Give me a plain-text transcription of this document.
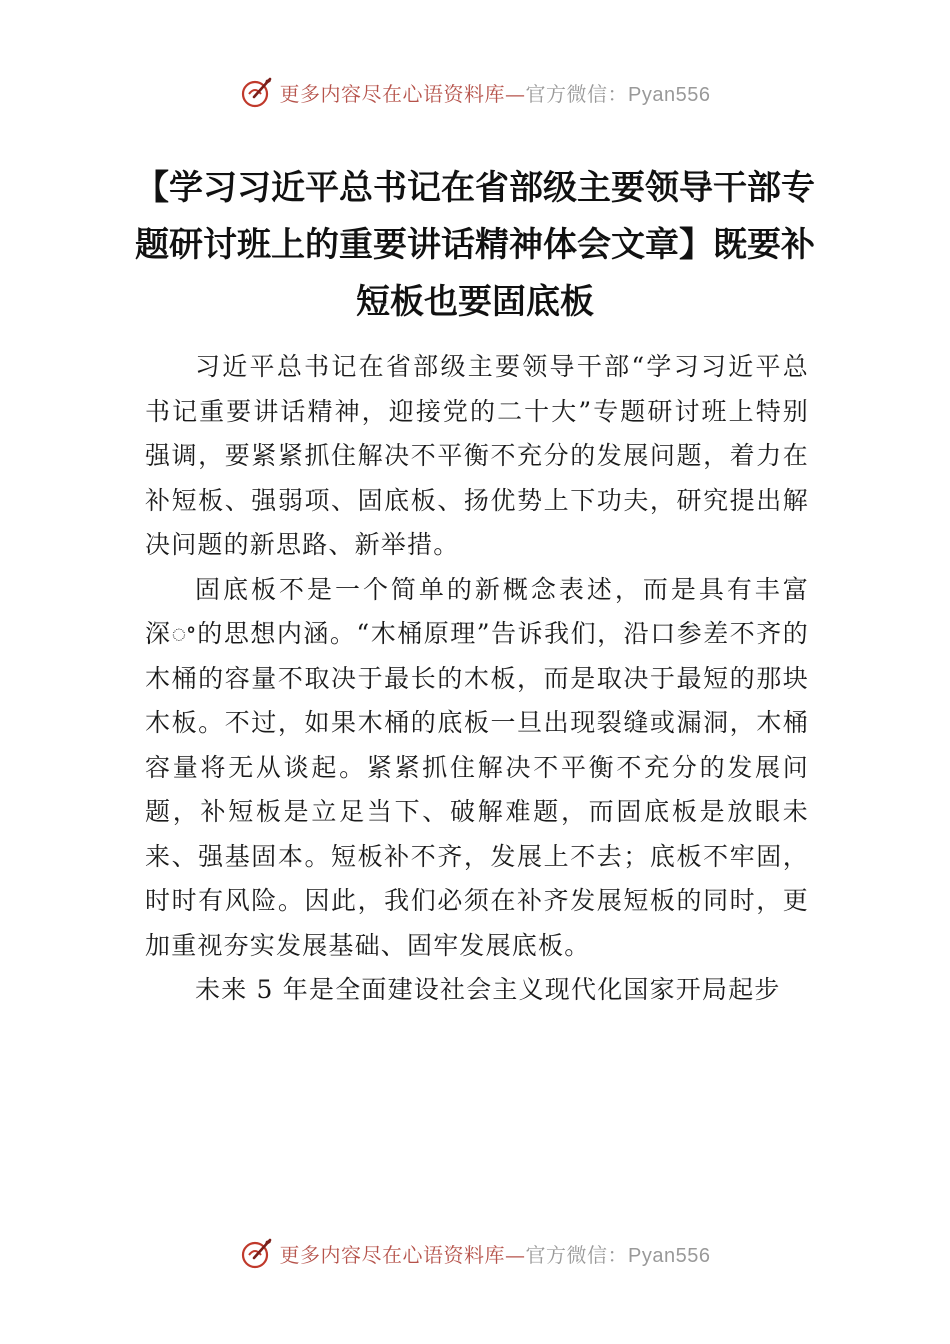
更多内容尽在心语资料库—官方微信：Pyan556
【学习习近平总书记在省部级主要领导干部专题研讨班上的重要讲话精神体会文章】既要补短板也要固底板

习近平总书记在省部级主要领导干部“学习习近平总书记重要讲话精神，迎接党的二十大”专题研讨班上特别强调，要紧紧抓住解决不平衡不充分的发展问题，着力在补短板、强弱项、固底板、扬优势上下功夫，研究提出解决问题的新思路、新举措。

固底板不是一个简单的新概念表述，而是具有丰富深ꢀ的思想内涵。“木桶原理”告诉我们，沿口参差不齐的木桶的容量不取决于最长的木板，而是取决于最短的那块木板。不过，如果木桶的底板一旦出现裂缝或漏洞，木桶容量将无从谈起。紧紧抓住解决不平衡不充分的发展问题，补短板是立足当下、破解难题，而固底板是放眼未来、强基固本。短板补不齐，发展上不去；底板不牢固，时时有风险。因此，我们必须在补齐发展短板的同时，更加重视夯实发展基础、固牢发展底板。

未来 5 年是全面建设社会主义现代化国家开局起步

更多内容尽在心语资料库—官方微信：Pyan556
